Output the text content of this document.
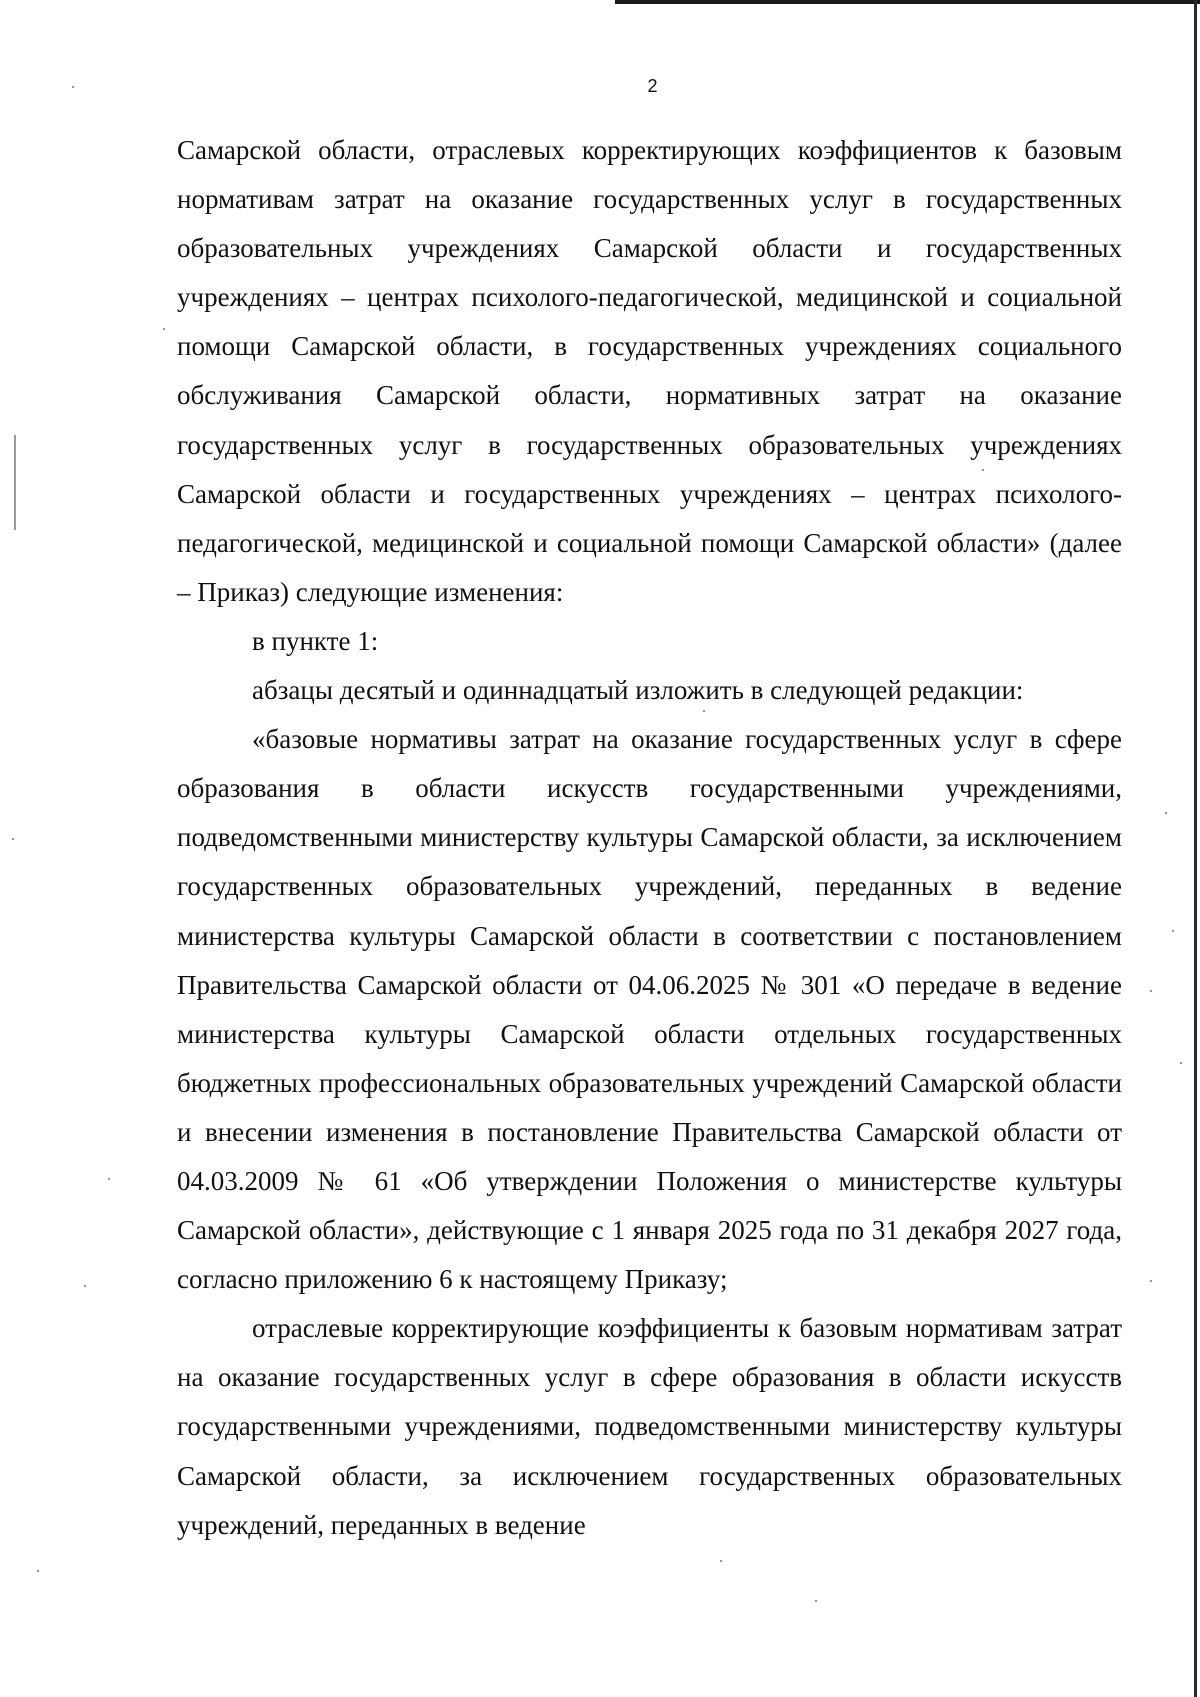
2

Самарской области, отраслевых корректирующих коэффициентов к базовым нормативам затрат на оказание государственных услуг в государственных образовательных учреждениях Самарской области и государственных учреждениях – центрах психолого-педагогической, медицинской и социальной помощи Самарской области, в государственных учреждениях социального обслуживания Самарской области, нормативных затрат на оказание государственных услуг в государственных образовательных учреждениях Самарской области и государственных учреждениях – центрах психолого-педагогической, медицинской и социальной помощи Самарской области» (далее – Приказ) следующие изменения:

в пункте 1:

абзацы десятый и одиннадцатый изложить в следующей редакции:

«базовые нормативы затрат на оказание государственных услуг в сфере образования в области искусств государственными учреждениями, подведомственными министерству культуры Самарской области, за исключением государственных образовательных учреждений, переданных в ведение министерства культуры Самарской области в соответствии с постановлением Правительства Самарской области от 04.06.2025 № 301 «О передаче в ведение министерства культуры Самарской области отдельных государственных бюджетных профессиональных образовательных учреждений Самарской области и внесении изменения в постановление Правительства Самарской области от 04.03.2009 № 61 «Об утверждении Положения о министерстве культуры Самарской области», действующие с 1 января 2025 года по 31 декабря 2027 года, согласно приложению 6 к настоящему Приказу;

отраслевые корректирующие коэффициенты к базовым нормативам затрат на оказание государственных услуг в сфере образования в области искусств государственными учреждениями, подведомственными министерству культуры Самарской области, за исключением государственных образовательных учреждений, переданных в ведение
